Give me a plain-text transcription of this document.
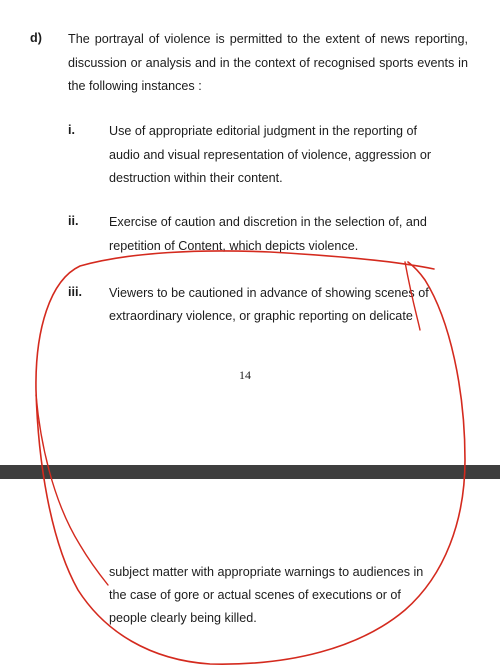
d) The portrayal of violence is permitted to the extent of news reporting,
discussion or analysis and in the context of recognised sports events in
the following instances :
i.	Use of appropriate editorial judgment in the reporting of
audio and visual representation of violence, aggression or
destruction within their content.
ii. Exercise of caution and discretion in the selection of, and
repetition of Content, which depicts violence.
iii. Viewers to be cautioned in advance of showing scenes of
extraordinary violence, or graphic reporting on delicate
14
subject matter with appropriate warnings to audiences in
the case of gore or actual scenes of executions or of
people clearly being killed.
